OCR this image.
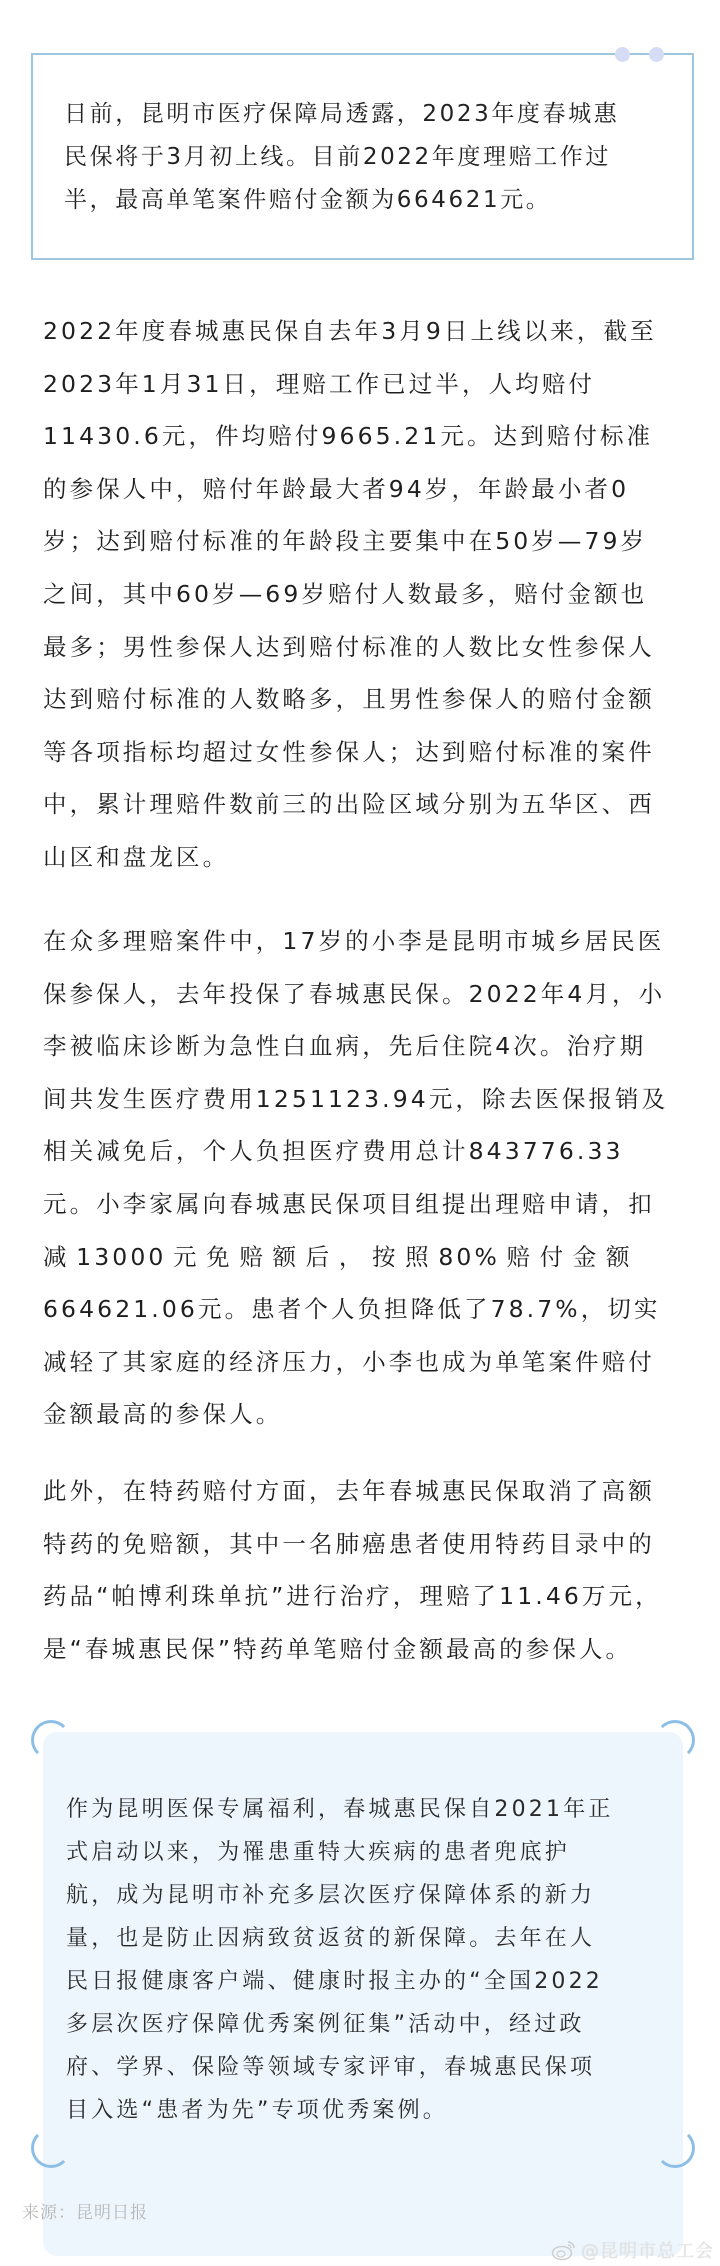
日前，昆明市医疗保障局透露，2023年度春城惠
民保将于3月初上线。目前2022年度理赔工作过
半，最高单笔案件赔付金额为664621元。
2022年度春城惠民保自去年3月9日上线以来，截至
2023年1月31日，理赔工作已过半，人均赔付
11430.6元，件均赔付9665.21元。达到赔付标准
的参保人中，赔付年龄最大者94岁，年龄最小者0
岁；达到赔付标准的年龄段主要集中在50岁—79岁
之间，其中60岁—69岁赔付人数最多，赔付金额也
最多；男性参保人达到赔付标准的人数比女性参保人
达到赔付标准的人数略多，且男性参保人的赔付金额
等各项指标均超过女性参保人；达到赔付标准的案件
中，累计理赔件数前三的出险区域分别为五华区、西
山区和盘龙区。
在众多理赔案件中，17岁的小李是昆明市城乡居民医
保参保人，去年投保了春城惠民保。2022年4月，小
李被临床诊断为急性白血病，先后住院4次。治疗期
间共发生医疗费用1251123.94元，除去医保报销及
相关减免后，个人负担医疗费用总计843776.33
元。小李家属向春城惠民保项目组提出理赔申请，扣
减 13000 元 免 赔 额 后 ， 按 照 80% 赔 付 金 额
664621.06元。患者个人负担降低了78.7%，切实
减轻了其家庭的经济压力，小李也成为单笔案件赔付
金额最高的参保人。
此外，在特药赔付方面，去年春城惠民保取消了高额
特药的免赔额，其中一名肺癌患者使用特药目录中的
药品“帕博利珠单抗”进行治疗，理赔了11.46万元，
是“春城惠民保”特药单笔赔付金额最高的参保人。
作为昆明医保专属福利，春城惠民保自2021年正
式启动以来，为罹患重特大疾病的患者兜底护
航，成为昆明市补充多层次医疗保障体系的新力
量，也是防止因病致贫返贫的新保障。去年在人
民日报健康客户端、健康时报主办的“全国2022
多层次医疗保障优秀案例征集”活动中，经过政
府、学界、保险等领域专家评审，春城惠民保项
目入选“患者为先”专项优秀案例。
来源：昆明日报
@昆明市总工会
